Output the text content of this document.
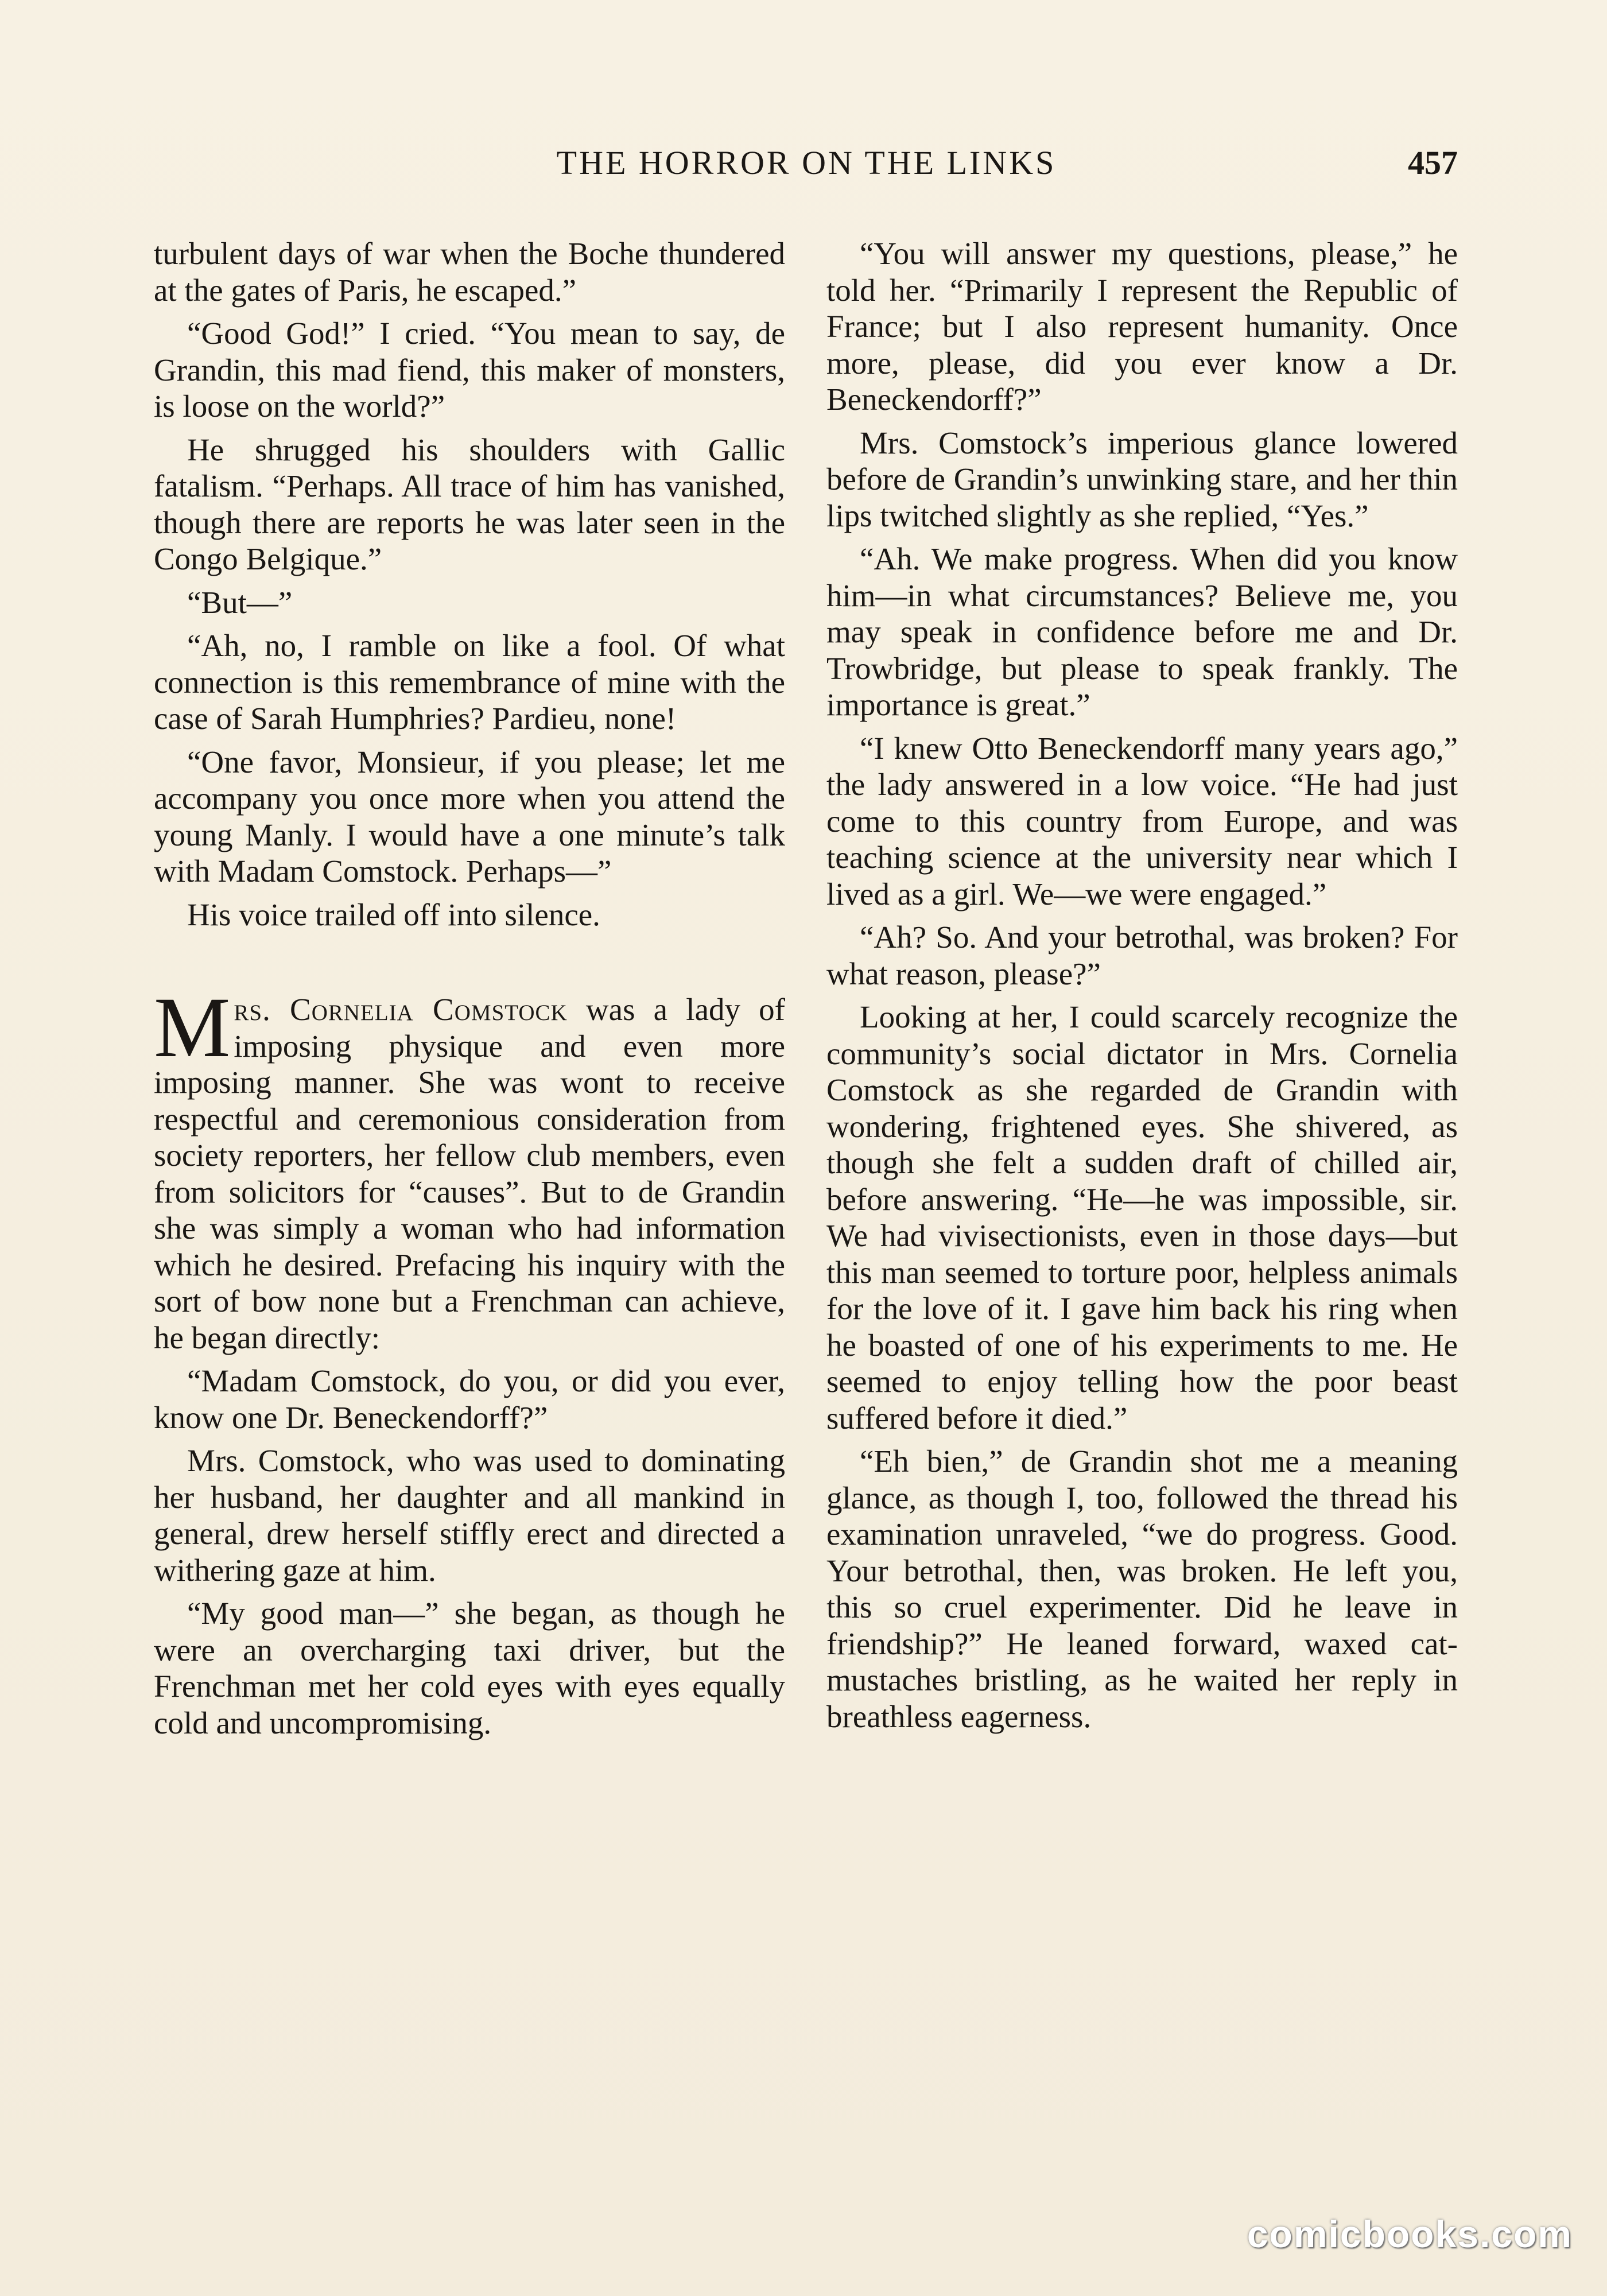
THE HORROR ON THE LINKS	457

turbulent days of war when the Boche thundered at the gates of Paris, he escaped.”

“Good God!” I cried. “You mean to say, de Grandin, this mad fiend, this maker of monsters, is loose on the world?”

He shrugged his shoulders with Gallic fatalism. “Perhaps. All trace of him has vanished, though there are reports he was later seen in the Congo Belgique.”

“But—”

“Ah, no, I ramble on like a fool. Of what connection is this remembrance of mine with the case of Sarah Humphries? Pardieu, none!

“One favor, Monsieur, if you please; let me accompany you once more when you attend the young Manly. I would have a one minute’s talk with Madam Comstock. Perhaps—”

His voice trailed off into silence.

Mrs. Cornelia Comstock was a lady of imposing physique and even more imposing manner. She was wont to receive respectful and ceremonious consideration from society reporters, her fellow club members, even from solicitors for “causes”. But to de Grandin she was simply a woman who had information which he desired. Prefacing his inquiry with the sort of bow none but a Frenchman can achieve, he began directly:

“Madam Comstock, do you, or did you ever, know one Dr. Beneckendorff?”

Mrs. Comstock, who was used to dominating her husband, her daughter and all mankind in general, drew herself stiffly erect and directed a withering gaze at him.

“My good man—” she began, as though he were an overcharging taxi driver, but the Frenchman met her cold eyes with eyes equally cold and uncompromising.

“You will answer my questions, please,” he told her. “Primarily I represent the Republic of France; but I also represent humanity. Once more, please, did you ever know a Dr. Beneckendorff?”

Mrs. Comstock’s imperious glance lowered before de Grandin’s unwinking stare, and her thin lips twitched slightly as she replied, “Yes.”

“Ah. We make progress. When did you know him—in what circumstances? Believe me, you may speak in confidence before me and Dr. Trowbridge, but please to speak frankly. The importance is great.”

“I knew Otto Beneckendorff many years ago,” the lady answered in a low voice. “He had just come to this country from Europe, and was teaching science at the university near which I lived as a girl. We—we were engaged.”

“Ah? So. And your betrothal, was broken? For what reason, please?”

Looking at her, I could scarcely recognize the community’s social dictator in Mrs. Cornelia Comstock as she regarded de Grandin with wondering, frightened eyes. She shivered, as though she felt a sudden draft of chilled air, before answering. “He—he was impossible, sir. We had vivisectionists, even in those days—but this man seemed to torture poor, helpless animals for the love of it. I gave him back his ring when he boasted of one of his experiments to me. He seemed to enjoy telling how the poor beast suffered before it died.”

“Eh bien,” de Grandin shot me a meaning glance, as though I, too, followed the thread his examination unraveled, “we do progress. Good. Your betrothal, then, was broken. He left you, this so cruel experimenter. Did he leave in friendship?” He leaned forward, waxed cat-mustaches bristling, as he waited her reply in breathless eagerness.

comicbooks.com
